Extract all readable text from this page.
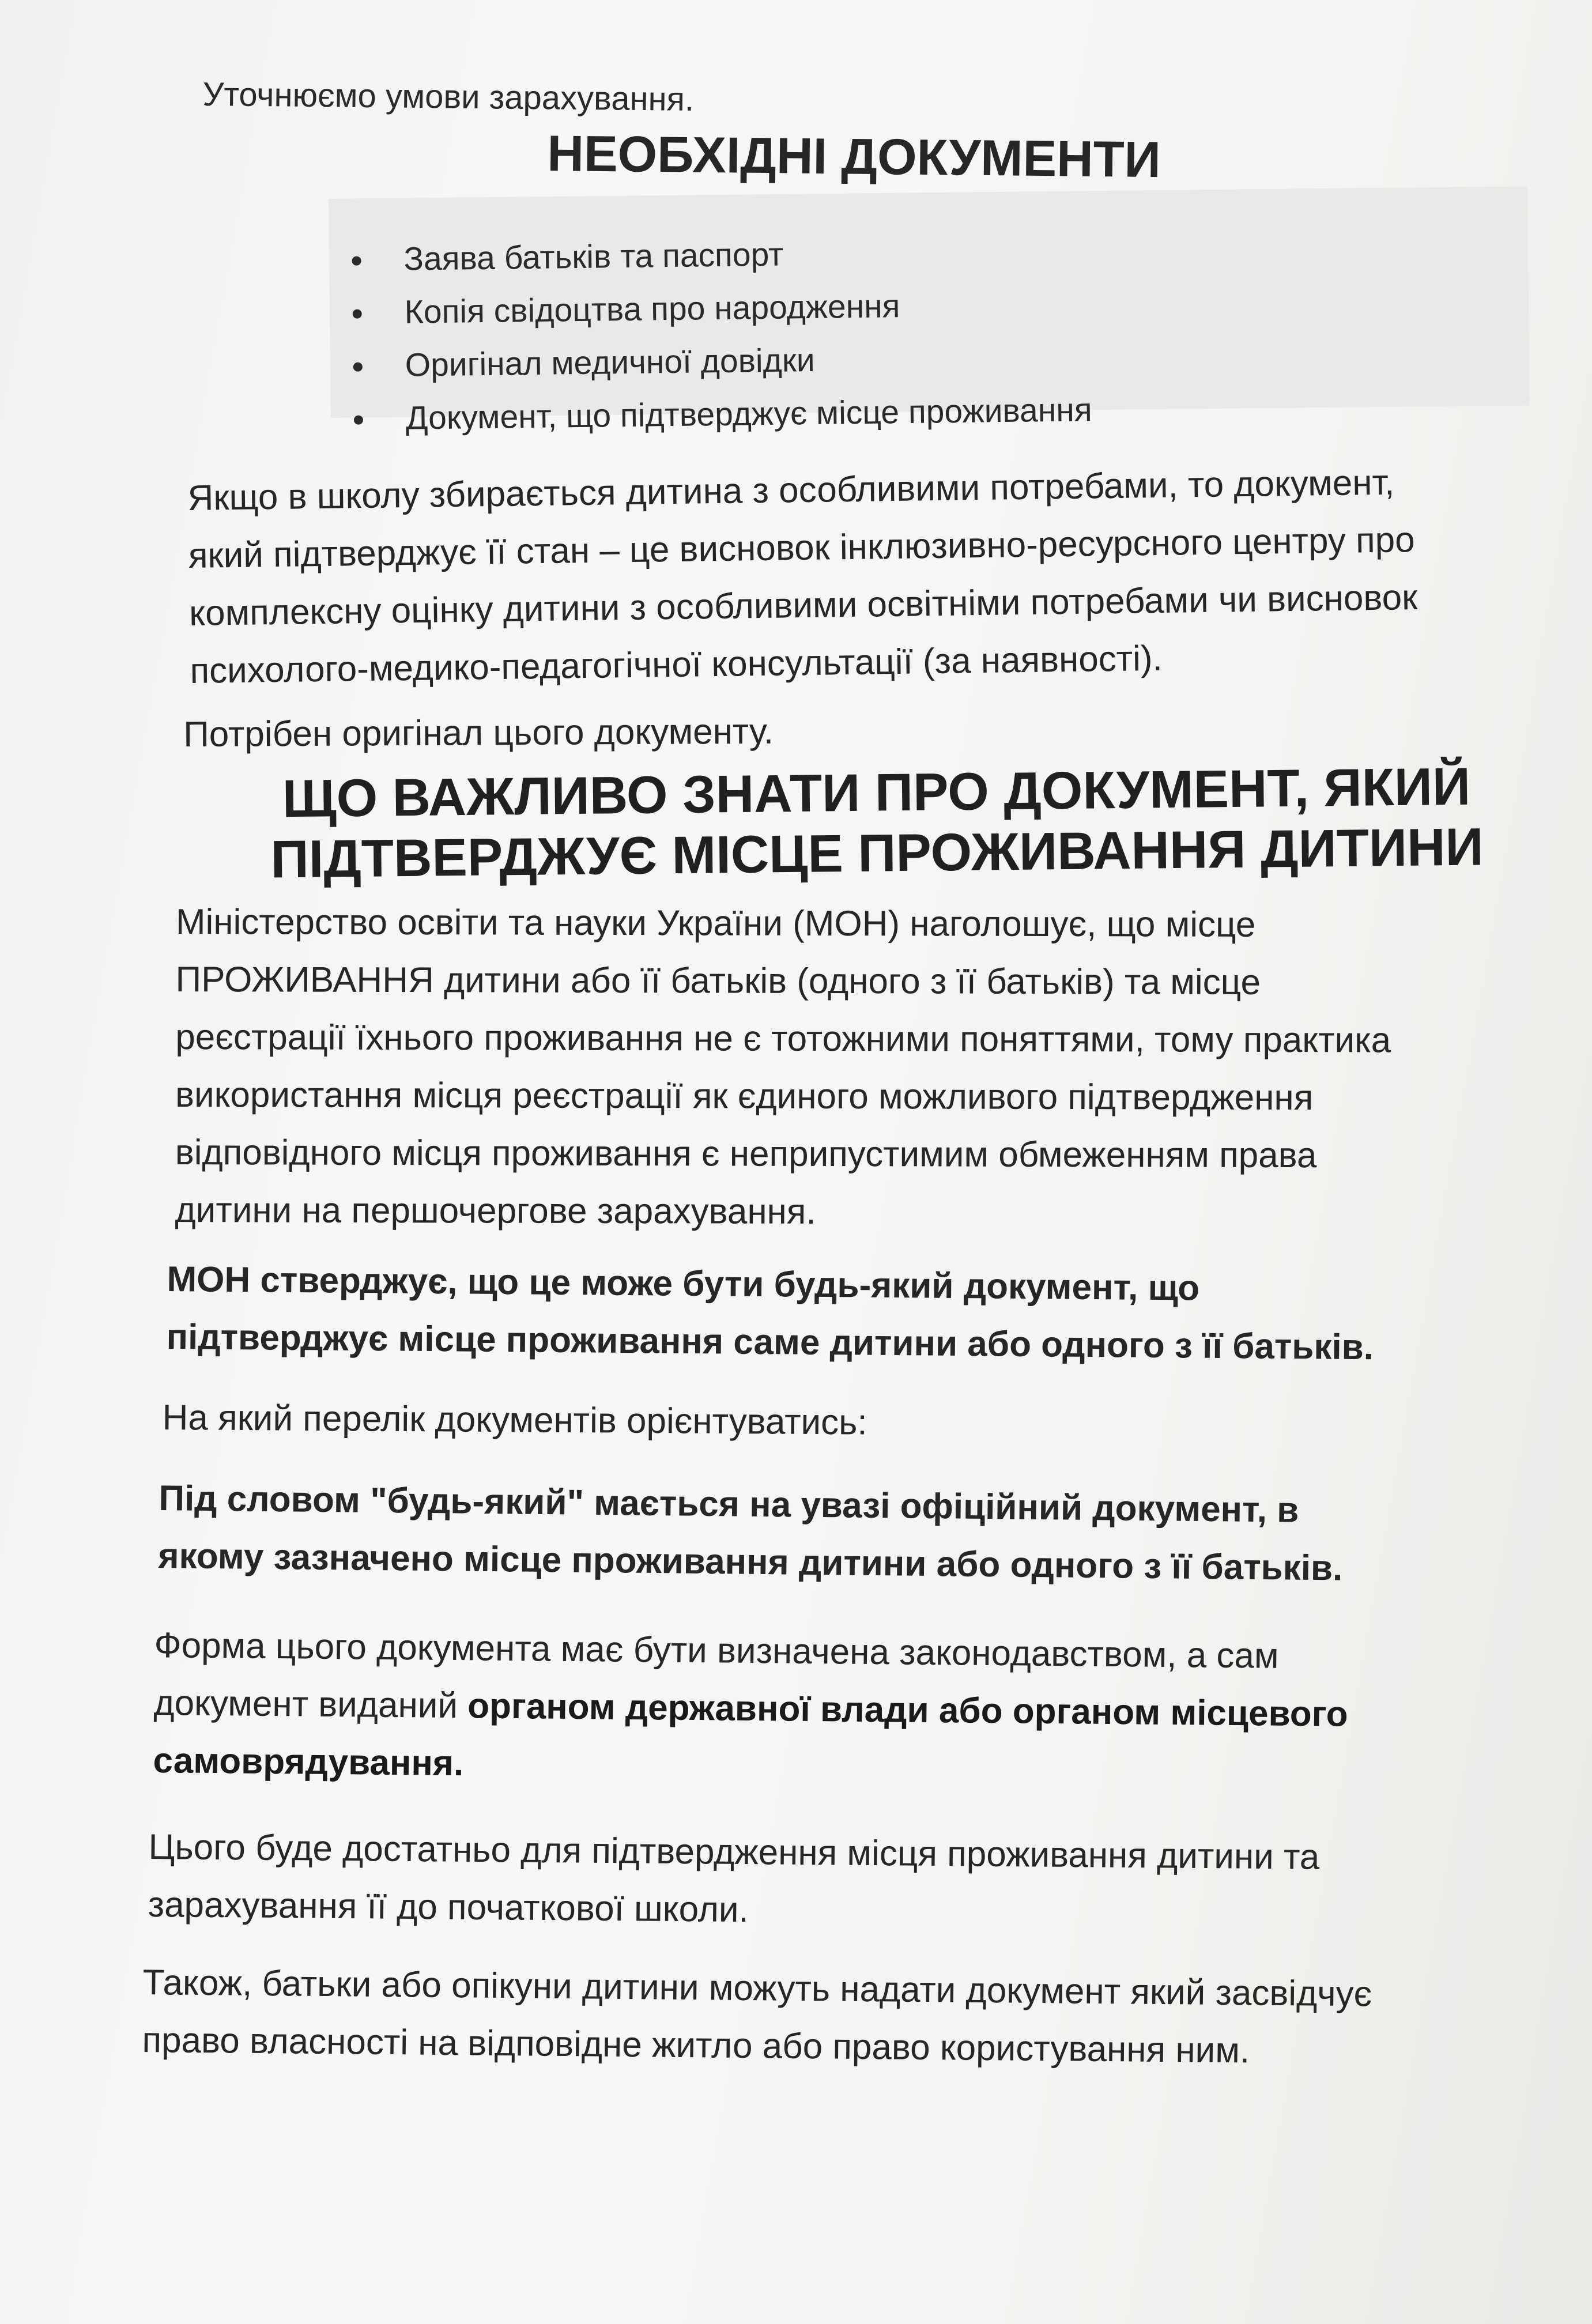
Уточнюємо умови зарахування.

НЕОБХІДНІ ДОКУМЕНТИ
Заява батьків та паспорт
Копія свідоцтва про народження
Оригінал медичної довідки
Документ, що підтверджує місце проживання

Якщо в школу збирається дитина з особливими потребами, то документ,
який підтверджує її стан – це висновок інклюзивно-ресурсного центру про
комплексну оцінку дитини з особливими освітніми потребами чи висновок
психолого-медико-педагогічної консультації (за наявності).

Потрібен оригінал цього документу.

ЩО ВАЖЛИВО ЗНАТИ ПРО ДОКУМЕНТ, ЯКИЙ
ПІДТВЕРДЖУЄ МІСЦЕ ПРОЖИВАННЯ ДИТИНИ

Міністерство освіти та науки України (МОН) наголошує, що місце
ПРОЖИВАННЯ дитини або її батьків (одного з її батьків) та місце
реєстрації їхнього проживання не є тотожними поняттями, тому практика
використання місця реєстрації як єдиного можливого підтвердження
відповідного місця проживання є неприпустимим обмеженням права
дитини на першочергове зарахування.

МОН стверджує, що це може бути будь-який документ, що
підтверджує місце проживання саме дитини або одного з її батьків.

На який перелік документів орієнтуватись:

Під словом "будь-який" мається на увазі офіційний документ, в
якому зазначено місце проживання дитини або одного з її батьків.

Форма цього документа має бути визначена законодавством, а сам
документ виданий органом державної влади або органом місцевого
самоврядування.

Цього буде достатньо для підтвердження місця проживання дитини та
зарахування її до початкової школи.

Також, батьки або опікуни дитини можуть надати документ який засвідчує
право власності на відповідне житло або право користування ним.
